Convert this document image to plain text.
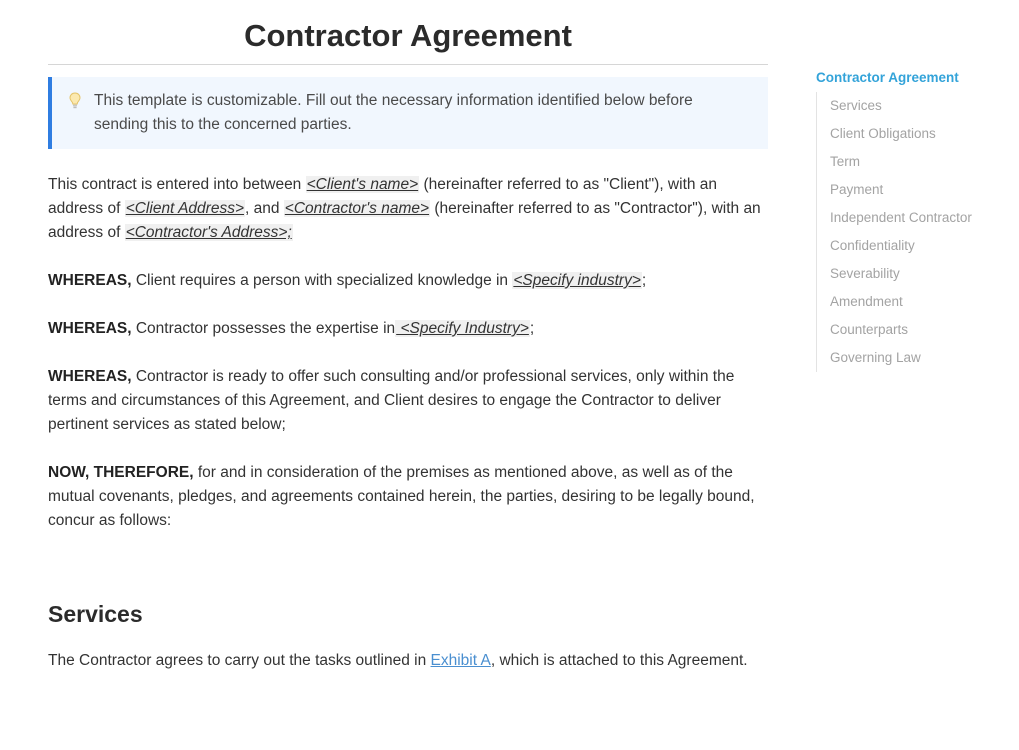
Contractor Agreement
This template is customizable. Fill out the necessary information identified below before sending this to the concerned parties.

This contract is entered into between <Client's name> (hereinafter referred to as "Client"), with an address of <Client Address>, and <Contractor's name> (hereinafter referred to as "Contractor"), with an address of <Contractor's Address>;

WHEREAS, Client requires a person with specialized knowledge in <Specify industry>;

WHEREAS, Contractor possesses the expertise in <Specify Industry>;

WHEREAS, Contractor is ready to offer such consulting and/or professional services, only within the terms and circumstances of this Agreement, and Client desires to engage the Contractor to deliver pertinent services as stated below;

NOW, THEREFORE, for and in consideration of the premises as mentioned above, as well as of the mutual covenants, pledges, and agreements contained herein, the parties, desiring to be legally bound, concur as follows:

Services

The Contractor agrees to carry out the tasks outlined in Exhibit A, which is attached to this Agreement.

Contractor Agreement
Services
Client Obligations
Term
Payment
Independent Contractor
Confidentiality
Severability
Amendment
Counterparts
Governing Law
